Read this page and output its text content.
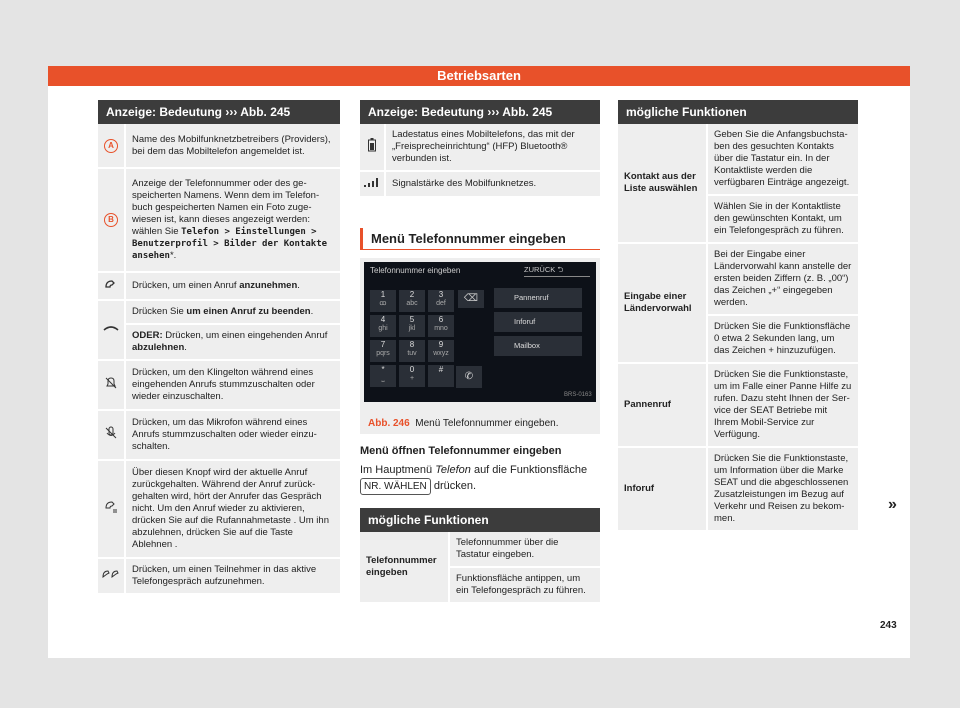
Betriebsarten
Anzeige: Bedeutung ››› Abb. 245
A	Name des Mobilfunknetzbetreibers (Providers), bei dem das Mobiltelefon angemeldet ist.
B	Anzeige der Telefonnummer oder des gespeicherten Namens. Wenn dem im Telefonbuch gespeicherten Namen ein Foto zugewiesen ist, kann dieses angezeigt werden: wählen Sie Telefon > Einstellungen > Benutzerprofil > Bilder der Kontakte ansehen*.
	Drücken, um einen Anruf anzunehmen.
	Drücken Sie um einen Anruf zu beenden.
ODER: Drücken, um einen eingehenden Anruf abzulehnen.

	Drücken, um den Klingelton während eines eingehenden Anrufs stummzuschalten oder wieder einzuschalten.
	Drücken, um das Mikrofon während eines Anrufs stummzuschalten oder wieder einzuschalten.
	Über diesen Knopf wird der aktuelle Anruf zurückgehalten. Während der Anruf zurückgehalten wird, hört der Anrufer das Gespräch nicht. Um den Anruf wieder zu aktivieren, drücken Sie auf die Rufannahmetaste . Um ihn abzulehnen, drücken Sie auf die Taste Ablehnen .
	Drücken, um einen Teilnehmer in das aktive Telefongespräch aufzunehmen.
Anzeige: Bedeutung ››› Abb. 245
	Ladestatus eines Mobiltelefons, das mit der „Freisprecheinrichtung“ (HFP) Bluetooth® verbunden ist.
	Signalstärke des Mobilfunknetzes.
Menü Telefonnummer eingeben
Telefonnummer eingeben	ZURÜCK ⮌
⌫
1
ꝏ
2
abc
3
def
4
ghi
5
jkl
6
mno
7
pqrs
8
tuv
9
wxyz
*
⎵
0
+
#
✆
Pannenruf
Inforuf
Mailbox
BRS-0163
Abb. 246 Menü Telefonnummer eingeben.
Menü öffnen Telefonnummer eingeben
Im Hauptmenü Telefon auf die Funktionsfläche NR. WÄHLEN drücken.
mögliche Funktionen
Telefonnummer eingeben	Telefonnummer über die Tastatur eingeben.
Funktionsfläche antippen, um ein Telefongespräch zu führen.
mögliche Funktionen
Kontakt aus der Liste auswählen	Geben Sie die Anfangsbuchstaben des gesuchten Kontakts über die Tastatur ein. In der Kontaktliste werden die verfügbaren Einträge angezeigt.
Wählen Sie in der Kontaktliste den gewünschten Kontakt, um ein Telefongespräch zu führen.

Eingabe einer Ländervorwahl	Bei der Eingabe einer Ländervorwahl kann anstelle der ersten beiden Ziffern (z. B. „00“) das Zeichen „+“ eingegeben werden.
Drücken Sie die Funktionsfläche 0 etwa 2 Sekunden lang, um das Zeichen + hinzuzufügen.

Pannenruf	Drücken Sie die Funktionstaste, um im Falle einer Panne Hilfe zu rufen. Dazu steht Ihnen der Service der SEAT Betriebe mit Ihrem Mobil-Service zur Verfügung.
Inforuf	Drücken Sie die Funktionstaste, um Information über die Marke SEAT und die abgeschlossenen Zusatzleistungen im Bezug auf Verkehr und Reisen zu bekommen.
»
243
